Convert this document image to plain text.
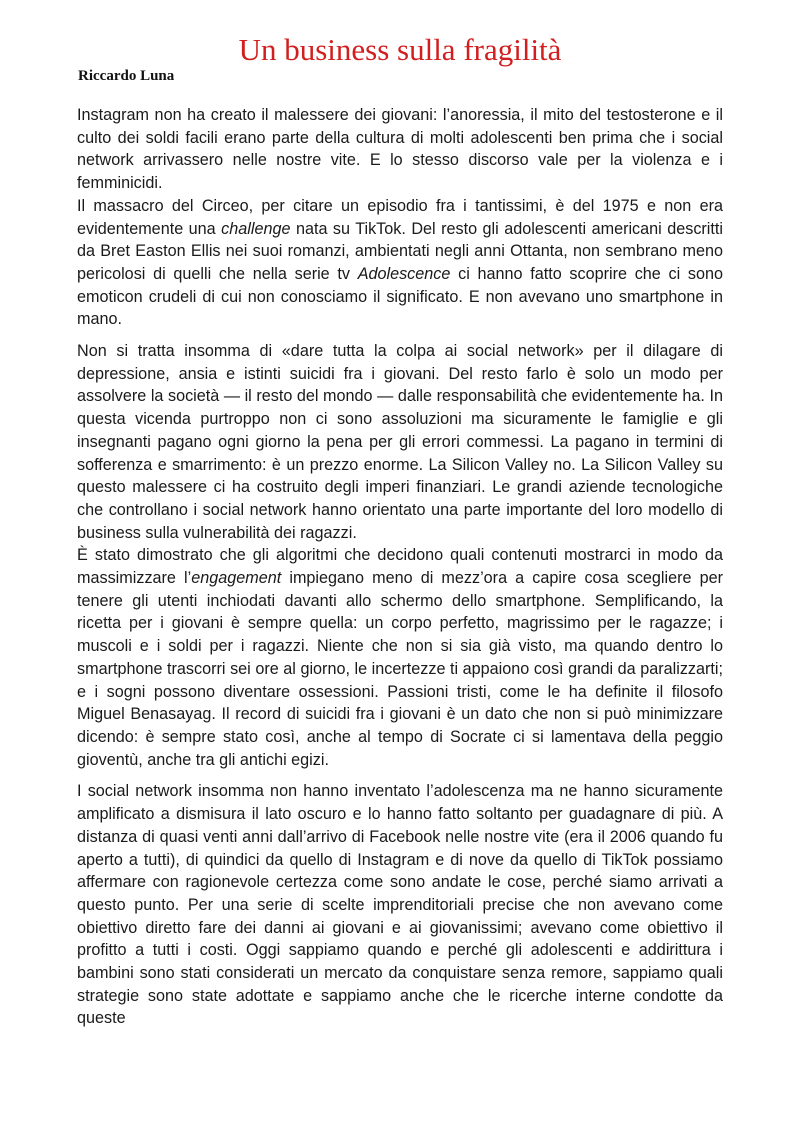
Un business sulla fragilità

Riccardo Luna

Instagram non ha creato il malessere dei giovani: l’anoressia, il mito del testosterone e il culto dei soldi facili erano parte della cultura di molti adolescenti ben prima che i social network arrivassero nelle nostre vite. E lo stesso discorso vale per la violenza e i femminicidi.

Il massacro del Circeo, per citare un episodio fra i tantissimi, è del 1975 e non era evidentemente una challenge nata su TikTok. Del resto gli adolescenti americani descritti da Bret Easton Ellis nei suoi romanzi, ambientati negli anni Ottanta, non sembrano meno pericolosi di quelli che nella serie tv Adolescence ci hanno fatto scoprire che ci sono emoticon crudeli di cui non conosciamo il significato. E non avevano uno smartphone in mano.

Non si tratta insomma di «dare tutta la colpa ai social network» per il dilagare di depressione, ansia e istinti suicidi fra i giovani. Del resto farlo è solo un modo per assolvere la società — il resto del mondo — dalle responsabilità che evidentemente ha. In questa vicenda purtroppo non ci sono assoluzioni ma sicuramente le famiglie e gli insegnanti pagano ogni giorno la pena per gli errori commessi. La pagano in termini di sofferenza e smarrimento: è un prezzo enorme. La Silicon Valley no. La Silicon Valley su questo malessere ci ha costruito degli imperi finanziari. Le grandi aziende tecnologiche che controllano i social network hanno orientato una parte importante del loro modello di business sulla vulnerabilità dei ragazzi.

È stato dimostrato che gli algoritmi che decidono quali contenuti mostrarci in modo da massimizzare l’engagement impiegano meno di mezz’ora a capire cosa scegliere per tenere gli utenti inchiodati davanti allo schermo dello smartphone. Semplificando, la ricetta per i giovani è sempre quella: un corpo perfetto, magrissimo per le ragazze; i muscoli e i soldi per i ragazzi. Niente che non si sia già visto, ma quando dentro lo smartphone trascorri sei ore al giorno, le incertezze ti appaiono così grandi da paralizzarti; e i sogni possono diventare ossessioni. Passioni tristi, come le ha definite il filosofo Miguel Benasayag. Il record di suicidi fra i giovani è un dato che non si può minimizzare dicendo: è sempre stato così, anche al tempo di Socrate ci si lamentava della peggio gioventù, anche tra gli antichi egizi.

I social network insomma non hanno inventato l’adolescenza ma ne hanno sicuramente amplificato a dismisura il lato oscuro e lo hanno fatto soltanto per guadagnare di più. A distanza di quasi venti anni dall’arrivo di Facebook nelle nostre vite (era il 2006 quando fu aperto a tutti), di quindici da quello di Instagram e di nove da quello di TikTok possiamo affermare con ragionevole certezza come sono andate le cose, perché siamo arrivati a questo punto. Per una serie di scelte imprenditoriali precise che non avevano come obiettivo diretto fare dei danni ai giovani e ai giovanissimi; avevano come obiettivo il profitto a tutti i costi. Oggi sappiamo quando e perché gli adolescenti e addirittura i bambini sono stati considerati un mercato da conquistare senza remore, sappiamo quali strategie sono state adottate e sappiamo anche che le ricerche interne condotte da queste
